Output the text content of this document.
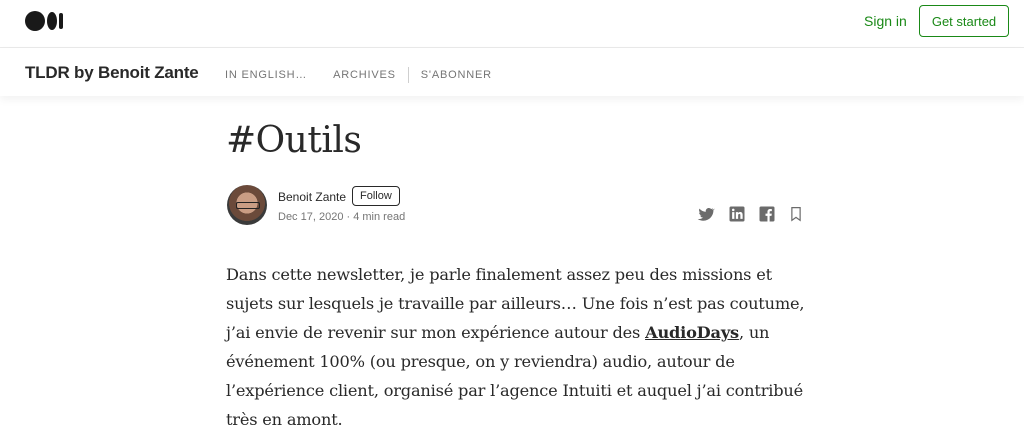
Sign in	Get started
TLDR by Benoit Zante IN ENGLISH… ARCHIVES S'ABONNER
#Outils
Benoit Zante	Follow
Dec 17, 2020 · 4 min read

Dans cette newsletter, je parle finalement assez peu des missions et sujets sur lesquels je travaille par ailleurs… Une fois n’est pas coutume, j’ai envie de revenir sur mon expérience autour des AudioDays, un événement 100% (ou presque, on y reviendra) audio, autour de l’expérience client, organisé par l’agence Intuiti et auquel j’ai contribué très en amont.
